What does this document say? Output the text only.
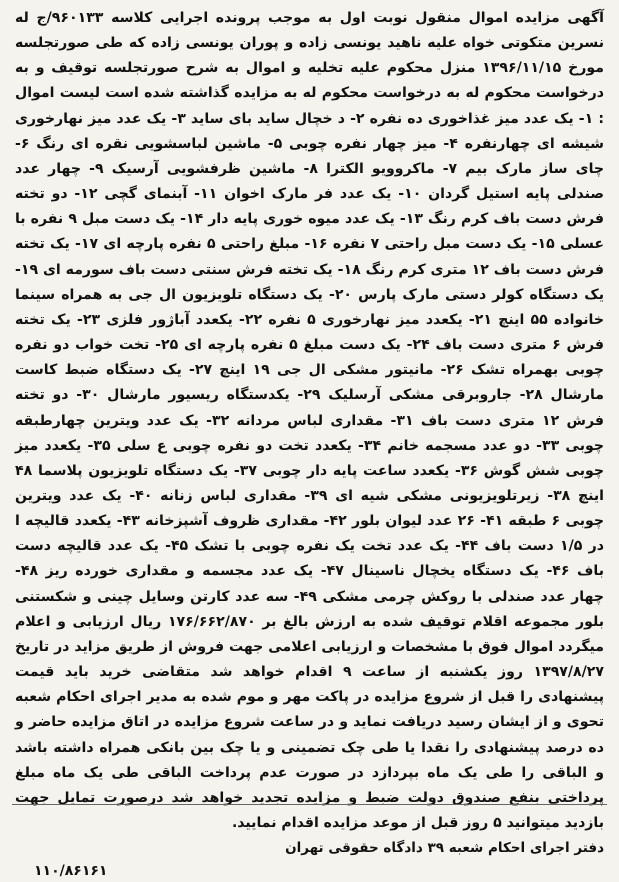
آگهی مزایده اموال منقول نوبت اول به موجب پرونده اجرایی کلاسه ۹۶۰۱۳۳/ج له نسرین متکوتی خواه علیه ناهید یونسی زاده و پوران یونسی زاده که طی صورتجلسه مورخ ۱۳۹۶/۱۱/۱۵ منزل محکوم علیه تخلیه و اموال به شرح صورتجلسه توقیف و به درخواست محکوم له به درخواست محکوم له به مزایده گذاشته شده است لیست اموال : ۱- یک عدد میز غذاخوری ده نفره ۲- د خچال ساید بای ساید ۳- یک عدد میز نهارخوری شیشه ای چهارنفره ۴- میز چهار نفره چوبی ۵- ماشین لباسشویی نقره ای رنگ ۶- چای ساز مارک بیم ۷- ماکروویو الکترا ۸- ماشین ظرفشویی آرسیک ۹- چهار عدد صندلی پایه استیل گردان ۱۰- یک عدد فر مارک اخوان ۱۱- آبنمای گچی ۱۲- دو تخته فرش دست باف کرم رنگ ۱۳- یک عدد میوه خوری پایه دار ۱۴- یک دست مبل ۹ نفره با عسلی ۱۵- یک دست مبل راحتی ۷ نفره ۱۶- مبلغ راحتی ۵ نفره پارچه ای ۱۷- یک تخته فرش دست باف ۱۲ متری کرم رنگ ۱۸- یک تخته فرش سنتی دست باف سورمه ای ۱۹- یک دستگاه کولر دستی مارک پارس ۲۰- یک دستگاه تلویزیون ال جی به همراه سینما خانواده ۵۵ اینچ ۲۱- یکعدد میز نهارخوری ۵ نفره ۲۲- یکعدد آباژور فلزی ۲۳- یک تخته فرش ۶ متری دست باف ۲۴- یک دست مبلغ ۵ نفره پارچه ای ۲۵- تخت خواب دو نفره چوبی بهمراه تشک ۲۶- مانیتور مشکی ال جی ۱۹ اینچ ۲۷- یک دستگاه ضبط کاست مارشال ۲۸- جاروبرقی مشکی آرسلیک ۲۹- یکدستگاه ریسیور مارشال ۳۰- دو تخته فرش ۱۲ متری دست باف ۳۱- مقداری لباس مردانه ۳۲- یک عدد ویترین چهارطبقه چوبی ۳۳- دو عدد مسجمه خانم ۳۴- یکعدد تخت دو نفره چوبی ع سلی ۳۵- یکعدد میز چوبی شش گوش ۳۶- یکعدد ساعت پایه دار چوبی ۳۷- یک دستگاه تلویزیون پلاسما ۴۸ اینچ ۳۸- زیرتلویزیونی مشکی شیه ای ۳۹- مقداری لباس زنانه ۴۰- یک عدد ویترین چوبی ۶ طبقه ۴۱- ۲۶ عدد لیوان بلور ۴۲- مقداری ظروف آشپزخانه ۴۳- یکعدد قالیچه ا در ۱/۵ دست باف ۴۴- یک عدد تخت یک نفره چوبی با تشک ۴۵- یک عدد قالیچه دست باف ۴۶- یک دستگاه یخچال ناسینال ۴۷- یک عدد مجسمه و مقداری خورده ریز ۴۸- چهار عدد صندلی با روکش چرمی مشکی ۴۹- سه عدد کارتن وسایل چینی و شکستنی بلور مجموعه اقلام توقیف شده به ارزش بالغ بر ۱۷۶/۶۶۲/۸۷۰ ریال ارزیابی و اعلام میگردد اموال فوق با مشخصات و ارزیابی اعلامی جهت فروش از طریق مزاید در تاریخ ۱۳۹۷/۸/۲۷ روز یکشنبه از ساعت ۹ اقدام خواهد شد متقاضی خرید باید قیمت پیشنهادی را قبل از شروع مزایده در پاکت مهر و موم شده به مدیر اجرای احکام شعبه تحوی و از ایشان رسید دریافت نماید و در ساعت شروع مزایده در اتاق مزایده حاضر و ده درصد پیشنهادی را نقدا یا طی چک تضمینی و یا چک بین بانکی همراه داشته باشد و الباقی را طی یک ماه بپردازد در صورت عدم پرداخت الباقی طی یک ماه مبلغ پرداختی بنفع صندوق دولت ضبط و مزایده تجدید خواهد شد درصورت تمایل جهت بازدید میتوانید ۵ روز قبل از موعد مزایده اقدام نمایید.

دفتر اجرای احکام شعبه ۳۹ دادگاه حقوقی تهران

۱۱۰/۸۶۱۶۱
